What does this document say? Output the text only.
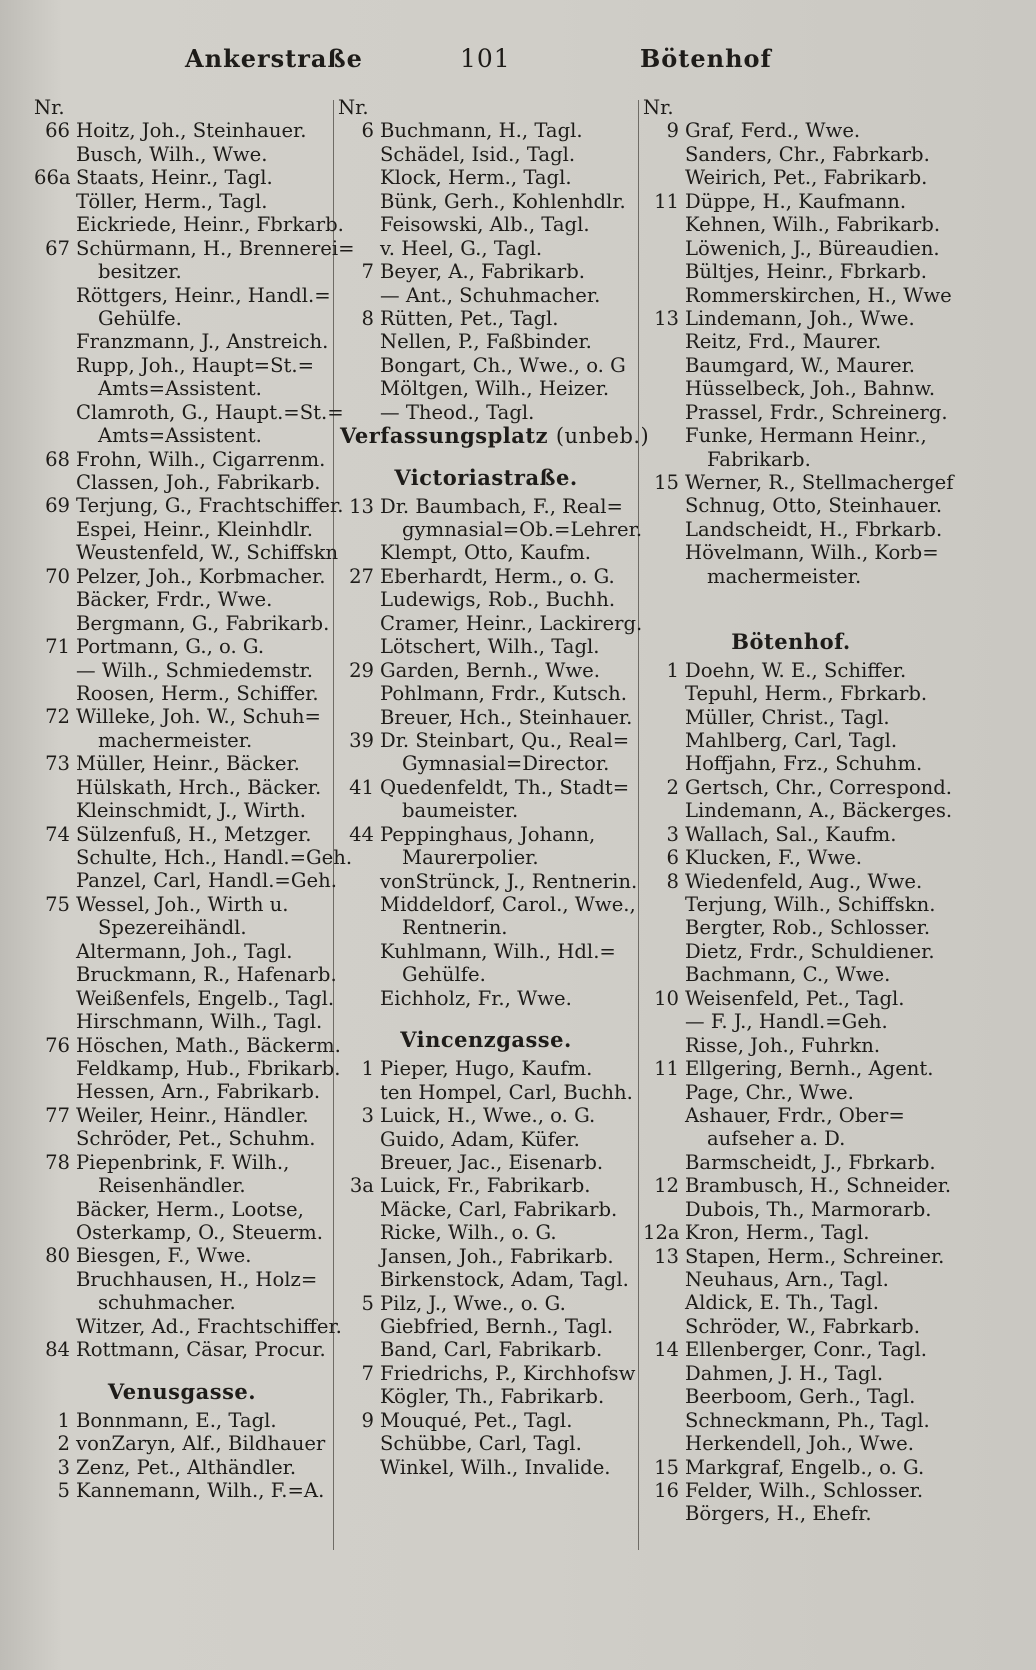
Ankerstraße	101	Bötenhof
Nr.
66 Hoitz, Joh., Steinhauer.
Busch, Wilh., Wwe.
66a Staats, Heinr., Tagl.
Töller, Herm., Tagl.
Eickriede, Heinr., Fbrkarb.
67 Schürmann, H., Brennerei=
besitzer.
Röttgers, Heinr., Handl.=
Gehülfe.
Franzmann, J., Anstreich.
Rupp, Joh., Haupt=St.=
Amts=Assistent.
Clamroth, G., Haupt.=St.=
Amts=Assistent.
68 Frohn, Wilh., Cigarrenm.
Classen, Joh., Fabrikarb.
69 Terjung, G., Frachtschiffer.
Espei, Heinr., Kleinhdlr.
Weustenfeld, W., Schiffskn
70 Pelzer, Joh., Korbmacher.
Bäcker, Frdr., Wwe.
Bergmann, G., Fabrikarb.
71 Portmann, G., o. G.
— Wilh., Schmiedemstr.
Roosen, Herm., Schiffer.
72 Willeke, Joh. W., Schuh=
machermeister.
73 Müller, Heinr., Bäcker.
Hülskath, Hrch., Bäcker.
Kleinschmidt, J., Wirth.
74 Sülzenfuß, H., Metzger.
Schulte, Hch., Handl.=Geh.
Panzel, Carl, Handl.=Geh.
75 Wessel, Joh., Wirth u.
Spezereihändl.
Altermann, Joh., Tagl.
Bruckmann, R., Hafenarb.
Weißenfels, Engelb., Tagl.
Hirschmann, Wilh., Tagl.
76 Höschen, Math., Bäckerm.
Feldkamp, Hub., Fbrikarb.
Hessen, Arn., Fabrikarb.
77 Weiler, Heinr., Händler.
Schröder, Pet., Schuhm.
78 Piepenbrink, F. Wilh.,
Reisenhändler.
Bäcker, Herm., Lootse,
Osterkamp, O., Steuerm.
80 Biesgen, F., Wwe.
Bruchhausen, H., Holz=
schuhmacher.
Witzer, Ad., Frachtschiffer.
84 Rottmann, Cäsar, Procur.
Venusgasse.
1 Bonnmann, E., Tagl.
2 vonZaryn, Alf., Bildhauer
3 Zenz, Pet., Althändler.
5 Kannemann, Wilh., F.=A.
Nr.
6 Buchmann, H., Tagl.
Schädel, Isid., Tagl.
Klock, Herm., Tagl.
Bünk, Gerh., Kohlenhdlr.
Feisowski, Alb., Tagl.
v. Heel, G., Tagl.
7 Beyer, A., Fabrikarb.
— Ant., Schuhmacher.
8 Rütten, Pet., Tagl.
Nellen, P., Faßbinder.
Bongart, Ch., Wwe., o. G
Möltgen, Wilh., Heizer.
— Theod., Tagl.
Verfassungsplatz (unbeb.)
Victoriastraße.
13 Dr. Baumbach, F., Real=
gymnasial=Ob.=Lehrer.
Klempt, Otto, Kaufm.
27 Eberhardt, Herm., o. G.
Ludewigs, Rob., Buchh.
Cramer, Heinr., Lackirerg.
Lötschert, Wilh., Tagl.
29 Garden, Bernh., Wwe.
Pohlmann, Frdr., Kutsch.
Breuer, Hch., Steinhauer.
39 Dr. Steinbart, Qu., Real=
Gymnasial=Director.
41 Quedenfeldt, Th., Stadt=
baumeister.
44 Peppinghaus, Johann,
Maurerpolier.
vonStrünck, J., Rentnerin.
Middeldorf, Carol., Wwe.,
Rentnerin.
Kuhlmann, Wilh., Hdl.=
Gehülfe.
Eichholz, Fr., Wwe.
Vincenzgasse.
1 Pieper, Hugo, Kaufm.
ten Hompel, Carl, Buchh.
3 Luick, H., Wwe., o. G.
Guido, Adam, Küfer.
Breuer, Jac., Eisenarb.
3a Luick, Fr., Fabrikarb.
Mäcke, Carl, Fabrikarb.
Ricke, Wilh., o. G.
Jansen, Joh., Fabrikarb.
Birkenstock, Adam, Tagl.
5 Pilz, J., Wwe., o. G.
Giebfried, Bernh., Tagl.
Band, Carl, Fabrikarb.
7 Friedrichs, P., Kirchhofsw
Kögler, Th., Fabrikarb.
9 Mouqué, Pet., Tagl.
Schübbe, Carl, Tagl.
Winkel, Wilh., Invalide.
Nr.
9 Graf, Ferd., Wwe.
Sanders, Chr., Fabrkarb.
Weirich, Pet., Fabrikarb.
11 Düppe, H., Kaufmann.
Kehnen, Wilh., Fabrikarb.
Löwenich, J., Büreaudien.
Bültjes, Heinr., Fbrkarb.
Rommerskirchen, H., Wwe
13 Lindemann, Joh., Wwe.
Reitz, Frd., Maurer.
Baumgard, W., Maurer.
Hüsselbeck, Joh., Bahnw.
Prassel, Frdr., Schreinerg.
Funke, Hermann Heinr.,
Fabrikarb.
15 Werner, R., Stellmachergef
Schnug, Otto, Steinhauer.
Landscheidt, H., Fbrkarb.
Hövelmann, Wilh., Korb=
machermeister.
Bötenhof.
1 Doehn, W. E., Schiffer.
Tepuhl, Herm., Fbrkarb.
Müller, Christ., Tagl.
Mahlberg, Carl, Tagl.
Hoffjahn, Frz., Schuhm.
2 Gertsch, Chr., Correspond.
Lindemann, A., Bäckerges.
3 Wallach, Sal., Kaufm.
6 Klucken, F., Wwe.
8 Wiedenfeld, Aug., Wwe.
Terjung, Wilh., Schiffskn.
Bergter, Rob., Schlosser.
Dietz, Frdr., Schuldiener.
Bachmann, C., Wwe.
10 Weisenfeld, Pet., Tagl.
— F. J., Handl.=Geh.
Risse, Joh., Fuhrkn.
11 Ellgering, Bernh., Agent.
Page, Chr., Wwe.
Ashauer, Frdr., Ober=
aufseher a. D.
Barmscheidt, J., Fbrkarb.
12 Brambusch, H., Schneider.
Dubois, Th., Marmorarb.
12a Kron, Herm., Tagl.
13 Stapen, Herm., Schreiner.
Neuhaus, Arn., Tagl.
Aldick, E. Th., Tagl.
Schröder, W., Fabrkarb.
14 Ellenberger, Conr., Tagl.
Dahmen, J. H., Tagl.
Beerboom, Gerh., Tagl.
Schneckmann, Ph., Tagl.
Herkendell, Joh., Wwe.
15 Markgraf, Engelb., o. G.
16 Felder, Wilh., Schlosser.
Börgers, H., Ehefr.
